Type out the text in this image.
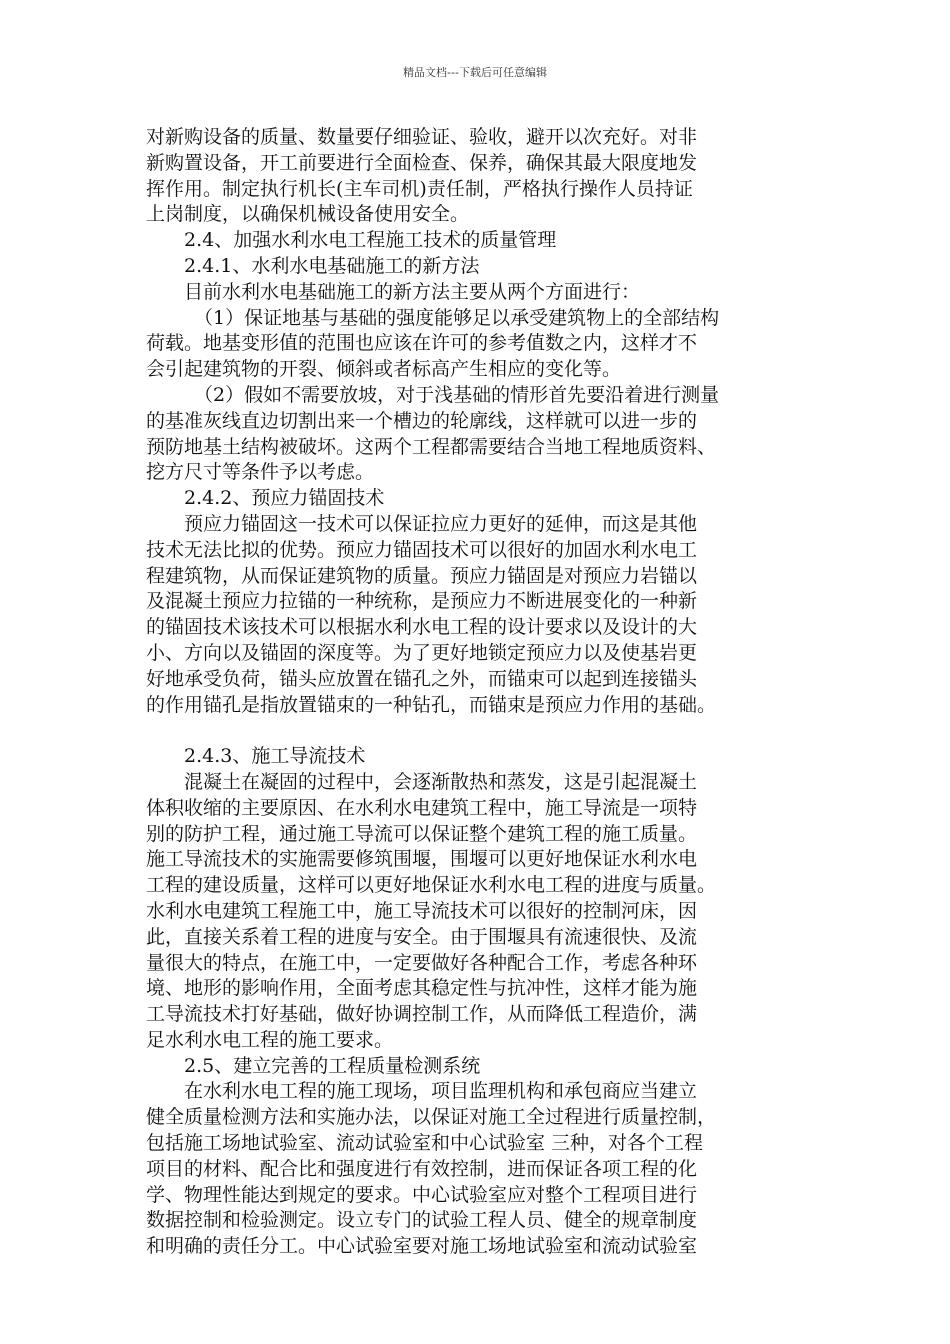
精品文档---下载后可任意编辑
对新购设备的质量、数量要仔细验证、验收，避开以次充好。对非
新购置设备，开工前要进行全面检查、保养，确保其最大限度地发
挥作用。制定执行机长(主车司机)责任制，严格执行操作人员持证
上岗制度，以确保机械设备使用安全。
2.4、加强水利水电工程施工技术的质量管理
2.4.1、水利水电基础施工的新方法
目前水利水电基础施工的新方法主要从两个方面进行：
（1）保证地基与基础的强度能够足以承受建筑物上的全部结构
荷载。地基变形值的范围也应该在许可的参考值数之内，这样才不
会引起建筑物的开裂、倾斜或者标高产生相应的变化等。
（2）假如不需要放坡，对于浅基础的情形首先要沿着进行测量
的基准灰线直边切割出来一个槽边的轮廓线，这样就可以进一步的
预防地基土结构被破坏。这两个工程都需要结合当地工程地质资料、
挖方尺寸等条件予以考虑。
2.4.2、预应力锚固技术
预应力锚固这一技术可以保证拉应力更好的延伸，而这是其他
技术无法比拟的优势。预应力锚固技术可以很好的加固水利水电工
程建筑物，从而保证建筑物的质量。预应力锚固是对预应力岩锚以
及混凝土预应力拉锚的一种统称，是预应力不断进展变化的一种新
的锚固技术该技术可以根据水利水电工程的设计要求以及设计的大
小、方向以及锚固的深度等。为了更好地锁定预应力以及使基岩更
好地承受负荷，锚头应放置在锚孔之外，而锚束可以起到连接锚头
的作用锚孔是指放置锚束的一种钻孔，而锚束是预应力作用的基础。
2.4.3、施工导流技术
混凝土在凝固的过程中，会逐渐散热和蒸发，这是引起混凝土
体积收缩的主要原因、在水利水电建筑工程中，施工导流是一项特
别的防护工程，通过施工导流可以保证整个建筑工程的施工质量。
施工导流技术的实施需要修筑围堰，围堰可以更好地保证水利水电
工程的建设质量，这样可以更好地保证水利水电工程的进度与质量。
水利水电建筑工程施工中，施工导流技术可以很好的控制河床，因
此，直接关系着工程的进度与安全。由于围堰具有流速很快、及流
量很大的特点，在施工中，一定要做好各种配合工作，考虑各种环
境、地形的影响作用，全面考虑其稳定性与抗冲性，这样才能为施
工导流技术打好基础，做好协调控制工作，从而降低工程造价，满
足水利水电工程的施工要求。
2.5、建立完善的工程质量检测系统
在水利水电工程的施工现场，项目监理机构和承包商应当建立
健全质量检测方法和实施办法，以保证对施工全过程进行质量控制，
包括施工场地试验室、流动试验室和中心试验室 三种，对各个工程
项目的材料、配合比和强度进行有效控制，进而保证各项工程的化
学、物理性能达到规定的要求。中心试验室应对整个工程项目进行
数据控制和检验测定。设立专门的试验工程人员、健全的规章制度
和明确的责任分工。中心试验室要对施工场地试验室和流动试验室
